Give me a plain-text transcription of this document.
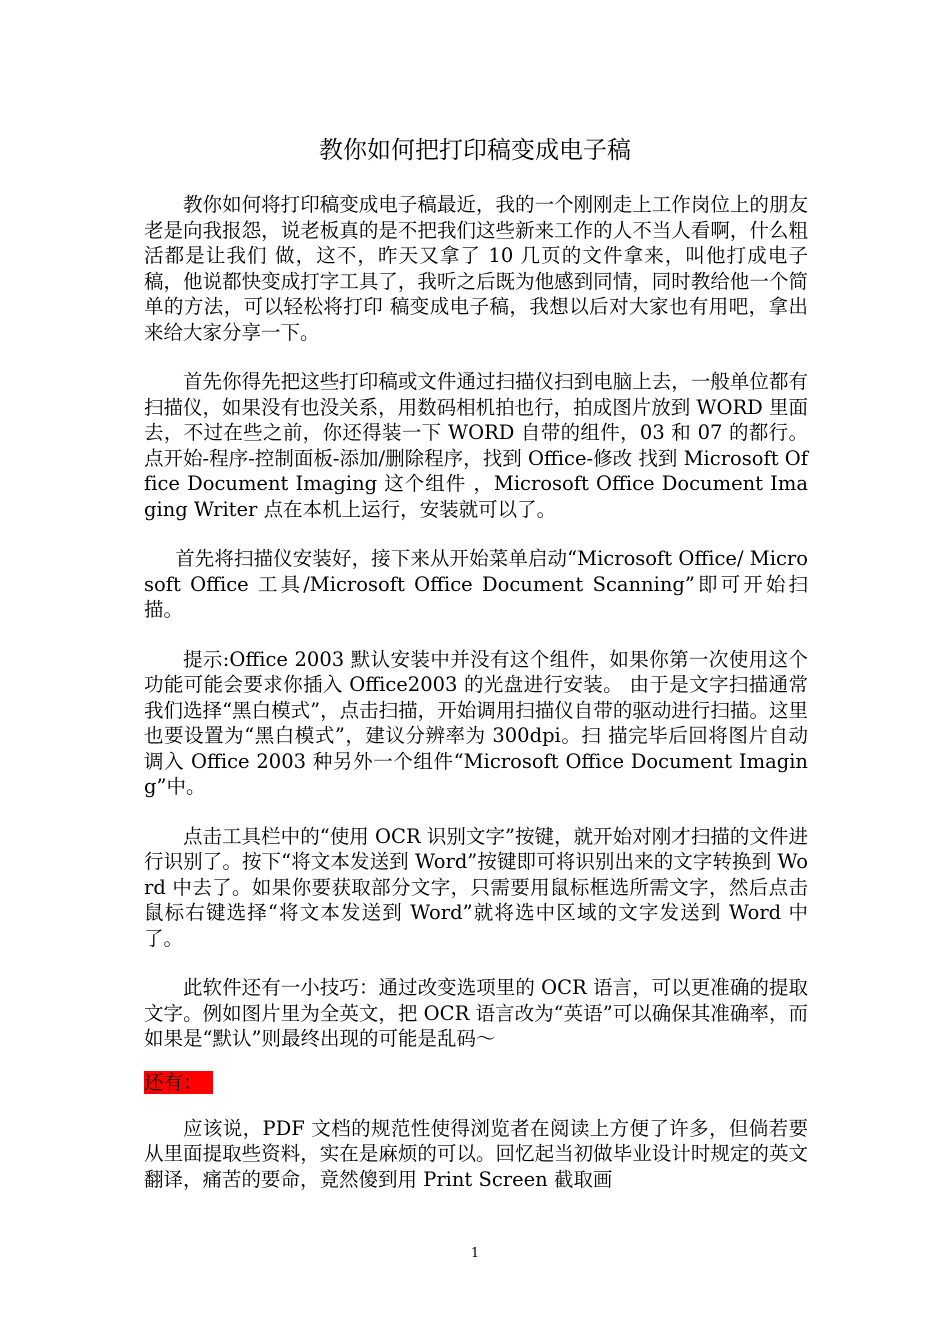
教你如何把打印稿变成电子稿

教你如何将打印稿变成电子稿最近，我的一个刚刚走上工作岗位上的朋友老是向我报怨，说老板真的是不把我们这些新来工作的人不当人看啊，什么粗活都是让我们 做，这不，昨天又拿了 10 几页的文件拿来，叫他打成电子稿，他说都快变成打字工具了，我听之后既为他感到同情，同时教给他一个简单的方法，可以轻松将打印 稿变成电子稿，我想以后对大家也有用吧，拿出来给大家分享一下。

首先你得先把这些打印稿或文件通过扫描仪扫到电脑上去，一般单位都有扫描仪，如果没有也没关系，用数码相机拍也行，拍成图片放到 WORD 里面去，不过在些之前，你还得装一下 WORD 自带的组件，03 和 07 的都行。点开始-程序-控制面板-添加/删除程序，找到 Office-修改 找到 Microsoft Office Document Imaging 这个组件 ，Microsoft Office Document Imaging Writer 点在本机上运行，安装就可以了。

首先将扫描仪安装好，接下来从开始菜单启动“Microsoft Office/ Microsoft Office 工具/Microsoft Office Document Scanning”即可开始扫描。

提示:Office 2003 默认安装中并没有这个组件，如果你第一次使用这个功能可能会要求你插入 Office2003 的光盘进行安装。 由于是文字扫描通常我们选择“黑白模式”，点击扫描，开始调用扫描仪自带的驱动进行扫描。这里也要设置为“黑白模式”，建议分辨率为 300dpi。扫 描完毕后回将图片自动调入 Office 2003 种另外一个组件“Microsoft Office Document Imaging”中。

点击工具栏中的“使用 OCR 识别文字”按键，就开始对刚才扫描的文件进行识别了。按下“将文本发送到 Word”按键即可将识别出来的文字转换到 Word 中去了。如果你要获取部分文字，只需要用鼠标框选所需文字，然后点击鼠标右键选择“将文本发送到 Word”就将选中区域的文字发送到 Word 中 了。

此软件还有一小技巧：通过改变选项里的 OCR 语言，可以更准确的提取文字。例如图片里为全英文，把 OCR 语言改为“英语”可以确保其准确率，而如果是“默认”则最终出现的可能是乱码～

还有：

应该说，PDF 文档的规范性使得浏览者在阅读上方便了许多，但倘若要从里面提取些资料，实在是麻烦的可以。回忆起当初做毕业设计时规定的英文翻译，痛苦的要命，竟然傻到用 Print Screen 截取画

1
